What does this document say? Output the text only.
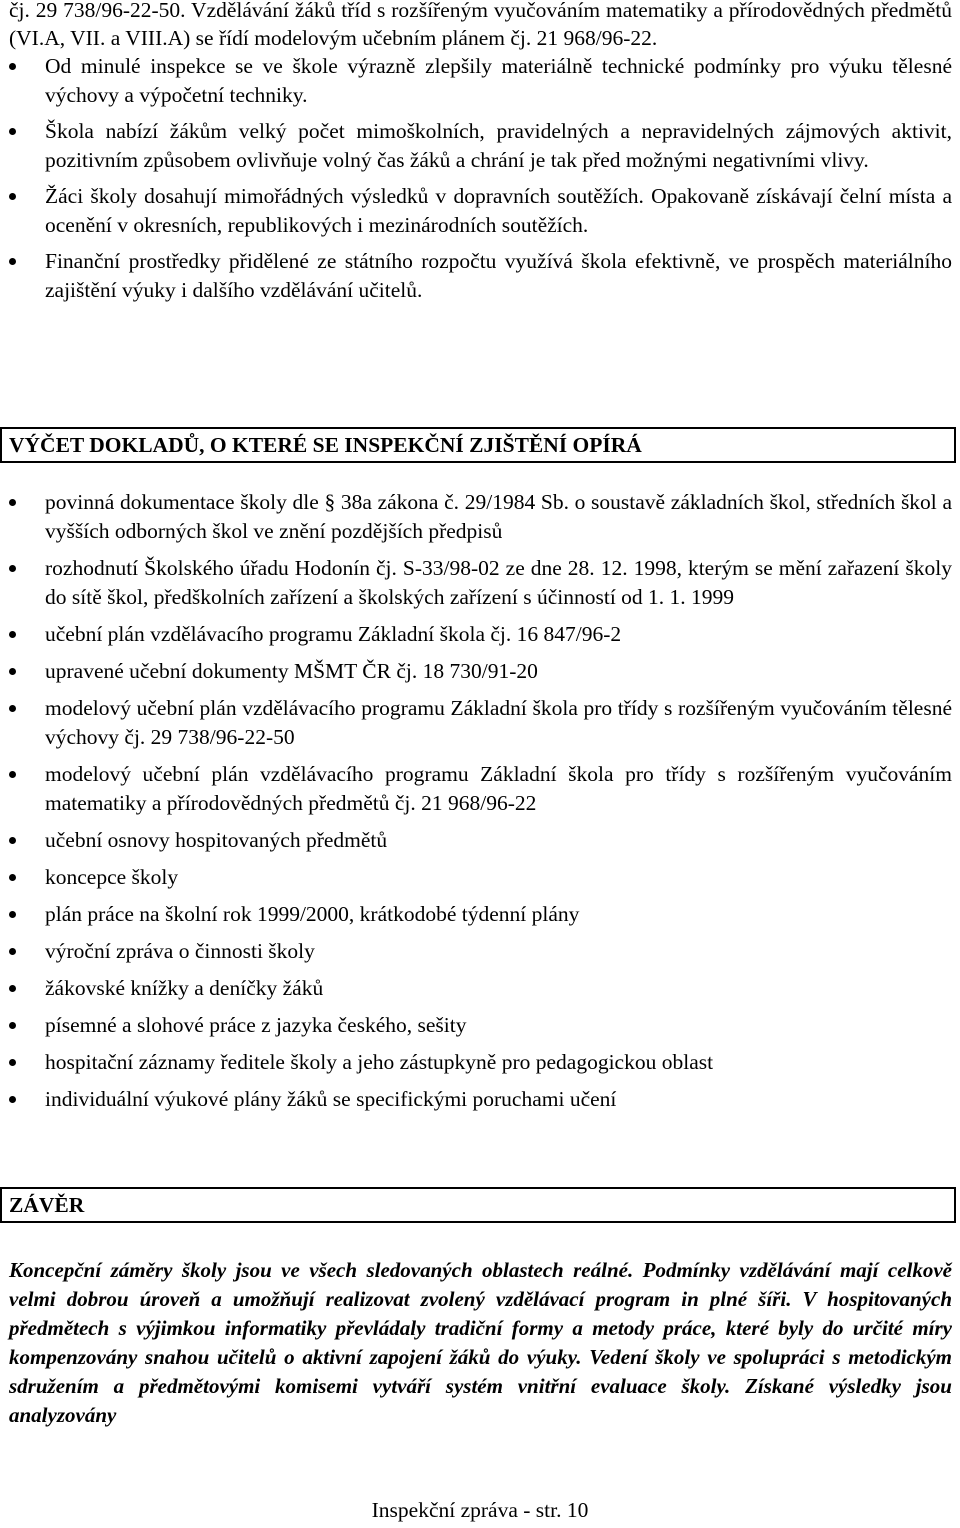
čj. 29 738/96-22-50. Vzdělávání žáků tříd s rozšířeným vyučováním matematiky a přírodovědných předmětů (VI.A, VII. a VIII.A) se řídí modelovým učebním plánem čj. 21 968/96-22.
Od minulé inspekce se ve škole výrazně zlepšily materiálně technické podmínky pro výuku tělesné výchovy a výpočetní techniky.
Škola nabízí žákům velký počet mimoškolních, pravidelných a nepravidelných zájmových aktivit, pozitivním způsobem ovlivňuje volný čas žáků a chrání je tak před možnými negativními vlivy.
Žáci školy dosahují mimořádných výsledků v dopravních soutěžích. Opakovaně získávají čelní místa a ocenění v okresních, republikových i mezinárodních soutěžích.
Finanční prostředky přidělené ze státního rozpočtu využívá škola efektivně, ve prospěch materiálního zajištění výuky i dalšího vzdělávání učitelů.
VÝČET DOKLADŮ, O KTERÉ SE INSPEKČNÍ ZJIŠTĚNÍ OPÍRÁ
povinná dokumentace školy dle § 38a zákona č. 29/1984 Sb. o soustavě základních škol, středních škol a vyšších odborných škol ve znění pozdějších předpisů
rozhodnutí Školského úřadu Hodonín čj. S-33/98-02 ze dne 28. 12. 1998, kterým se mění zařazení školy do sítě škol, předškolních zařízení a školských zařízení s účinností od 1. 1. 1999
učební plán vzdělávacího programu Základní škola čj. 16 847/96-2
upravené učební dokumenty MŠMT ČR čj. 18 730/91-20
modelový učební plán vzdělávacího programu Základní škola pro třídy s rozšířeným vyučováním tělesné výchovy čj. 29 738/96-22-50
modelový učební plán vzdělávacího programu Základní škola pro třídy s rozšířeným vyučováním matematiky a přírodovědných předmětů čj. 21 968/96-22
učební osnovy hospitovaných předmětů
koncepce školy
plán práce na školní rok 1999/2000, krátkodobé týdenní plány
výroční zpráva o činnosti školy
žákovské knížky a deníčky žáků
písemné a slohové práce z jazyka českého, sešity
hospitační záznamy ředitele školy a jeho zástupkyně pro pedagogickou oblast
individuální výukové plány žáků se specifickými poruchami učení
ZÁVĚR
Koncepční záměry školy jsou ve všech sledovaných oblastech reálné. Podmínky vzdělávání mají celkově velmi dobrou úroveň a umožňují realizovat zvolený vzdělávací program in plné šíři. V hospitovaných předmětech s výjimkou informatiky převládaly tradiční formy a metody práce, které byly do určité míry kompenzovány snahou učitelů o aktivní zapojení žáků do výuky. Vedení školy ve spolupráci s metodickým sdružením a předmětovými komisemi vytváří systém vnitřní evaluace školy. Získané výsledky jsou analyzovány
Inspekční zpráva - str. 10
